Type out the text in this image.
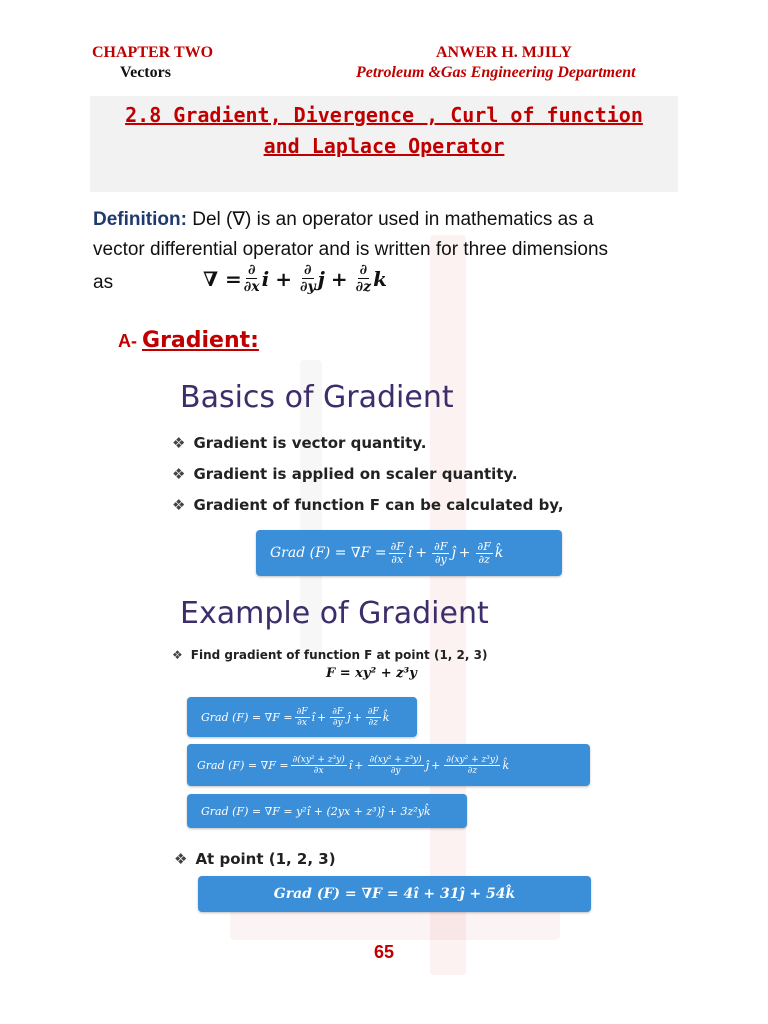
CHAPTER TWO
Vectors
ANWER H. MJILY
Petroleum &Gas Engineering Department
2.8 Gradient, Divergence , Curl of function
and Laplace Operator
Definition: Del (∇) is an operator used in mathematics as a
vector differential operator and is written for three dimensions
as	∇ = $\frac{\partial}{\partial x}$ $i + \frac{\partial}{\partial y}$ $j + \frac{\partial}{\partial z}$ k
A- Gradient:
Basics of Gradient
❖ Gradient is vector quantity.
❖ Gradient is applied on scaler quantity.
❖ Gradient of function F can be calculated by,
Grad $(F) = \nabla F = \frac{\partial F}{\partial x}$ î + $\frac{\partial F}{\partial y}$ ĵ + $\frac{\partial F}{\partial z}$ k̂
Example of Gradient
❖ Find gradient of function F at point (1, 2, 3)
F = xy² + z³y
Grad $(F) = \nabla F = \frac{\partial F}{\partial x}$ î + $\frac{\partial F}{\partial y}$ ĵ + $\frac{\partial F}{\partial z}$ k̂
Grad $(F) = \nabla F = \frac{\text{∂(xy² + z³y)}}{\partial x}$ î + $\frac{\text{∂(xy² + z³y)}}{\partial y}$ ĵ + $\frac{\text{∂(xy² + z³y)}}{\partial z}$ k̂
Grad (F) = ∇F = y²î + (2yx + z³)ĵ + 3z²yk̂
❖ At point (1, 2, 3)
Grad (F) = ∇F = 4î + 31ĵ + 54k̂
65
